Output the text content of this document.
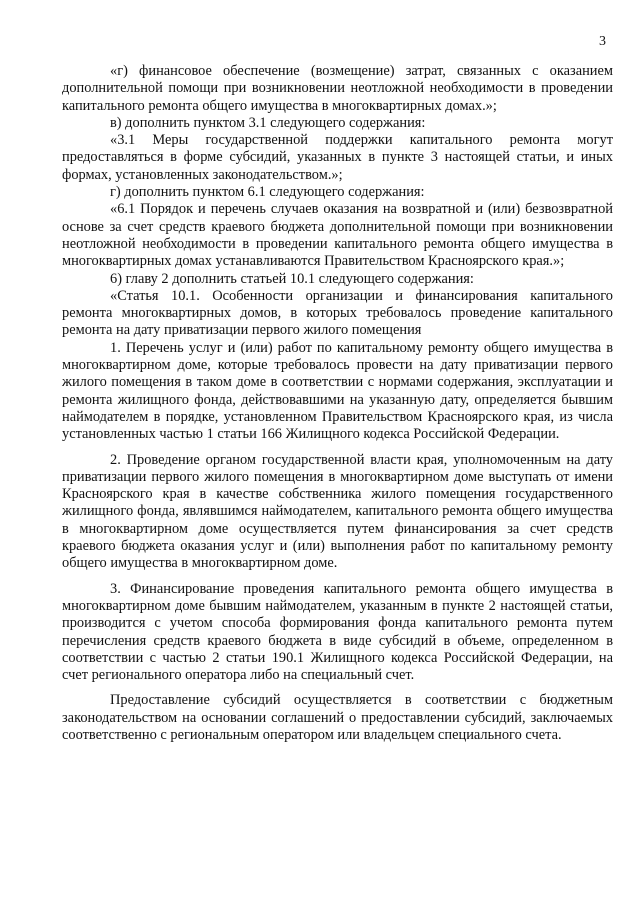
3

«г) финансовое обеспечение (возмещение) затрат, связанных с оказанием дополнительной помощи при возникновении неотложной необходимости в проведении капитального ремонта общего имущества в многоквартирных домах.»;

в) дополнить пунктом 3.1 следующего содержания:

«3.1 Меры государственной поддержки капитального ремонта могут предоставляться в форме субсидий, указанных в пункте 3 настоящей статьи, и иных формах, установленных законодательством.»;

г) дополнить пунктом 6.1 следующего содержания:

«6.1 Порядок и перечень случаев оказания на возвратной и (или) безвозвратной основе за счет средств краевого бюджета дополнительной помощи при возникновении неотложной необходимости в проведении капитального ремонта общего имущества в многоквартирных домах устанавливаются Правительством Красноярского края.»;

6) главу 2 дополнить статьей 10.1 следующего содержания:

«Статья 10.1. Особенности организации и финансирования капитального ремонта многоквартирных домов, в которых требовалось проведение капитального ремонта на дату приватизации первого жилого помещения

1. Перечень услуг и (или) работ по капитальному ремонту общего имущества в многоквартирном доме, которые требовалось провести на дату приватизации первого жилого помещения в таком доме в соответствии с нормами содержания, эксплуатации и ремонта жилищного фонда, действовавшими на указанную дату, определяется бывшим наймодателем в порядке, установленном Правительством Красноярского края, из числа установленных частью 1 статьи 166 Жилищного кодекса Российской Федерации.

2. Проведение органом государственной власти края, уполномоченным на дату приватизации первого жилого помещения в многоквартирном доме выступать от имени Красноярского края в качестве собственника жилого помещения государственного жилищного фонда, являвшимся наймодателем, капитального ремонта общего имущества в многоквартирном доме осуществляется путем финансирования за счет средств краевого бюджета оказания услуг и (или) выполнения работ по капитальному ремонту общего имущества в многоквартирном доме.

3. Финансирование проведения капитального ремонта общего имущества в многоквартирном доме бывшим наймодателем, указанным в пункте 2 настоящей статьи, производится с учетом способа формирования фонда капитального ремонта путем перечисления средств краевого бюджета в виде субсидий в объеме, определенном в соответствии с частью 2 статьи 190.1 Жилищного кодекса Российской Федерации, на счет регионального оператора либо на специальный счет.

Предоставление субсидий осуществляется в соответствии с бюджетным законодательством на основании соглашений о предоставлении субсидий, заключаемых соответственно с региональным оператором или владельцем специального счета.
